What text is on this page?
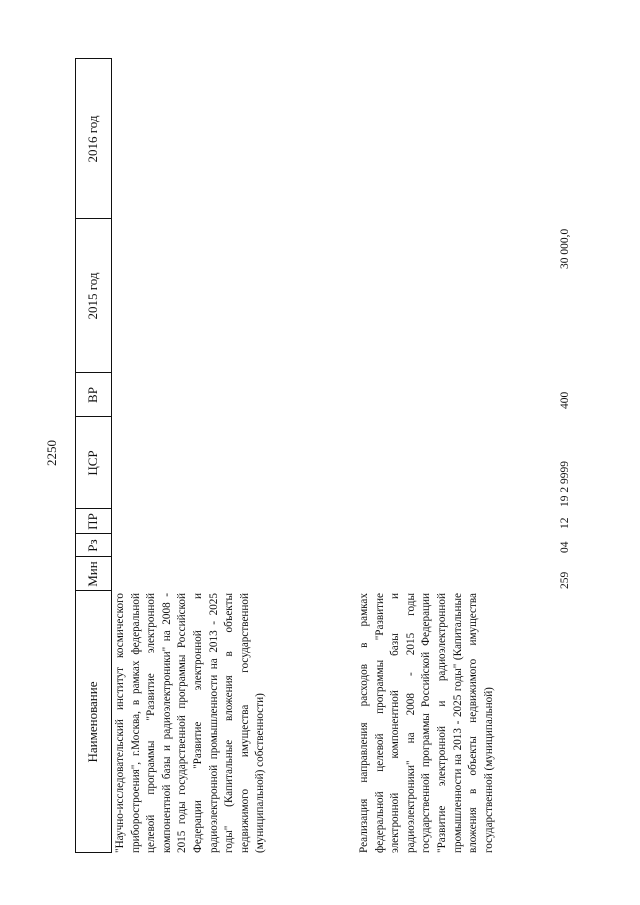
2250
Наименование
Мин
Рз
ПР
ЦСР
ВР
2015 год
2016 год
"Научно-исследовательский институт космического приборостроения", г.Москва, в рамках федеральной целевой программы "Развитие электронной компонентной базы и радиоэлектроники" на 2008 - 2015 годы государственной программы Российской Федерации "Развитие электронной и радиоэлектронной промышленности на 2013 - 2025 годы" (Капитальные вложения в объекты недвижимого имущества государственной (муниципальной) собственности)	Реализация направления расходов в рамках федеральной целевой программы "Развитие электронной компонентной базы и радиоэлектроники" на 2008 - 2015 годы государственной программы Российской Федерации "Развитие электронной и радиоэлектронной промышленности на 2013 - 2025 годы" (Капитальные вложения в объекты недвижимого имущества государственной (муниципальной)
259
04
12
19 2 9999
400
30 000,0
